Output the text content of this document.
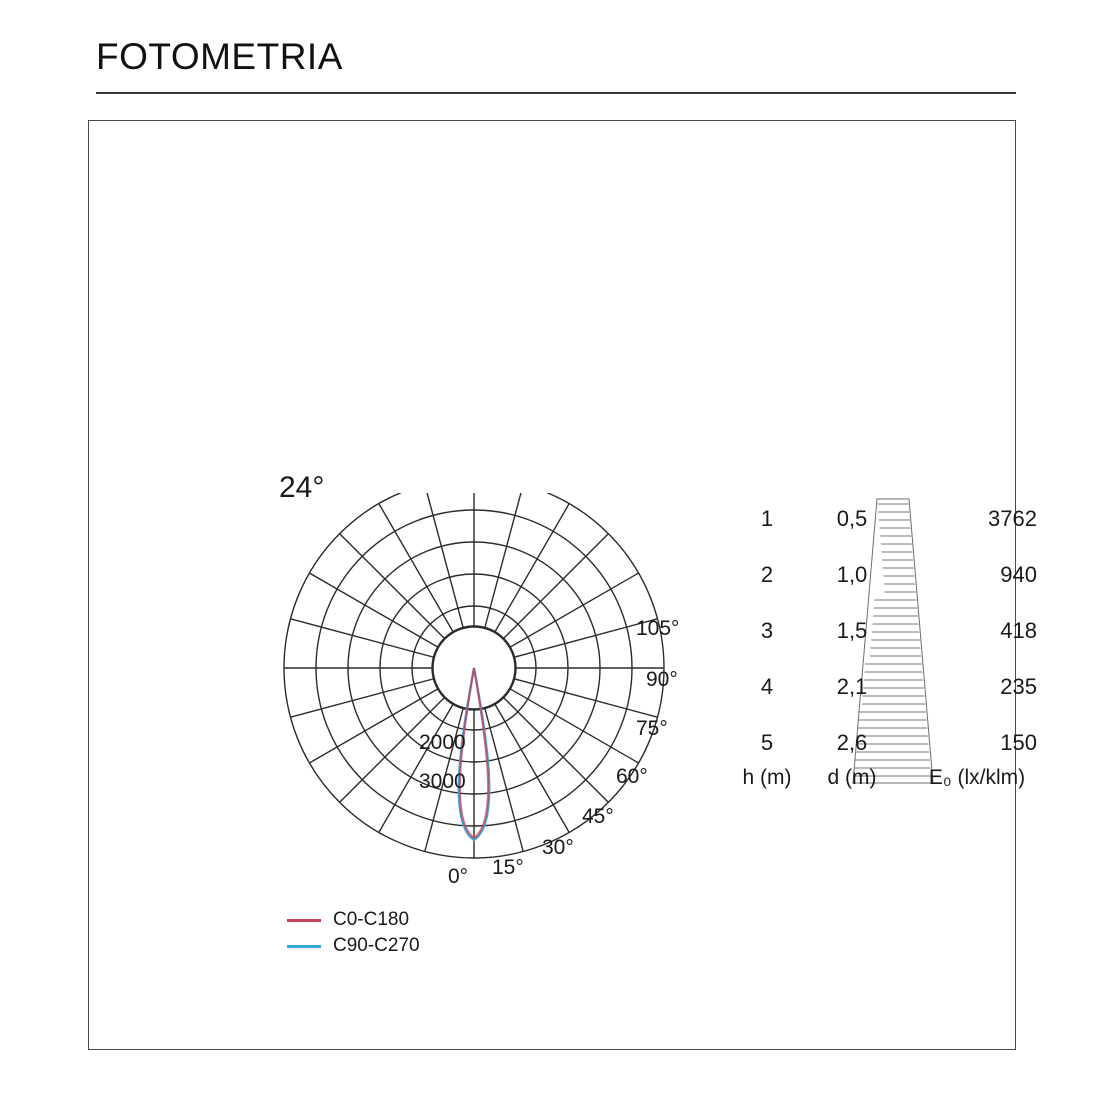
FOTOMETRIA
24°
105°
90°
75°
60°
45°
30°
15°
0°
2000
3000
C0-C180
C90-C270
1	0,5	3762
2	1,0	940
3	1,5	418
4	2,1	235
5	2,6	150
h (m)	d (m)	E₀ (lx/klm)
